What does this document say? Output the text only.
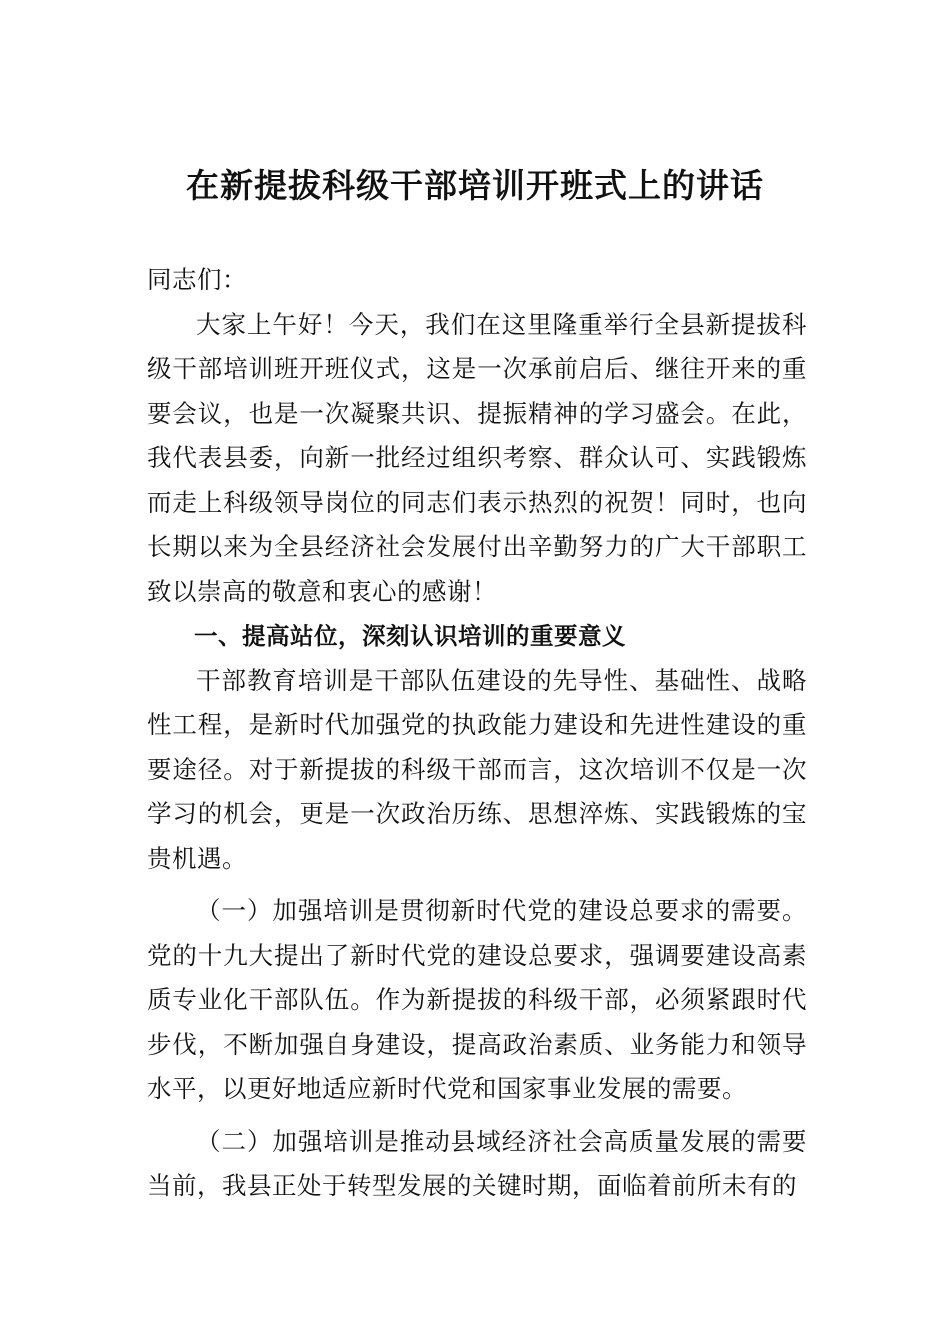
在新提拔科级干部培训开班式上的讲话

同志们：

大家上午好！今天，我们在这里隆重举行全县新提拔科级干部培训班开班仪式，这是一次承前启后、继往开来的重要会议，也是一次凝聚共识、提振精神的学习盛会。在此，我代表县委，向新一批经过组织考察、群众认可、实践锻炼而走上科级领导岗位的同志们表示热烈的祝贺！同时，也向长期以来为全县经济社会发展付出辛勤努力的广大干部职工致以崇高的敬意和衷心的感谢！

一、提高站位，深刻认识培训的重要意义

干部教育培训是干部队伍建设的先导性、基础性、战略性工程，是新时代加强党的执政能力建设和先进性建设的重要途径。对于新提拔的科级干部而言，这次培训不仅是一次学习的机会，更是一次政治历练、思想淬炼、实践锻炼的宝贵机遇。

（一）加强培训是贯彻新时代党的建设总要求的需要。党的十九大提出了新时代党的建设总要求，强调要建设高素质专业化干部队伍。作为新提拔的科级干部，必须紧跟时代步伐，不断加强自身建设，提高政治素质、业务能力和领导水平，以更好地适应新时代党和国家事业发展的需要。

（二）加强培训是推动县域经济社会高质量发展的需要当前，我县正处于转型发展的关键时期，面临着前所未有的
